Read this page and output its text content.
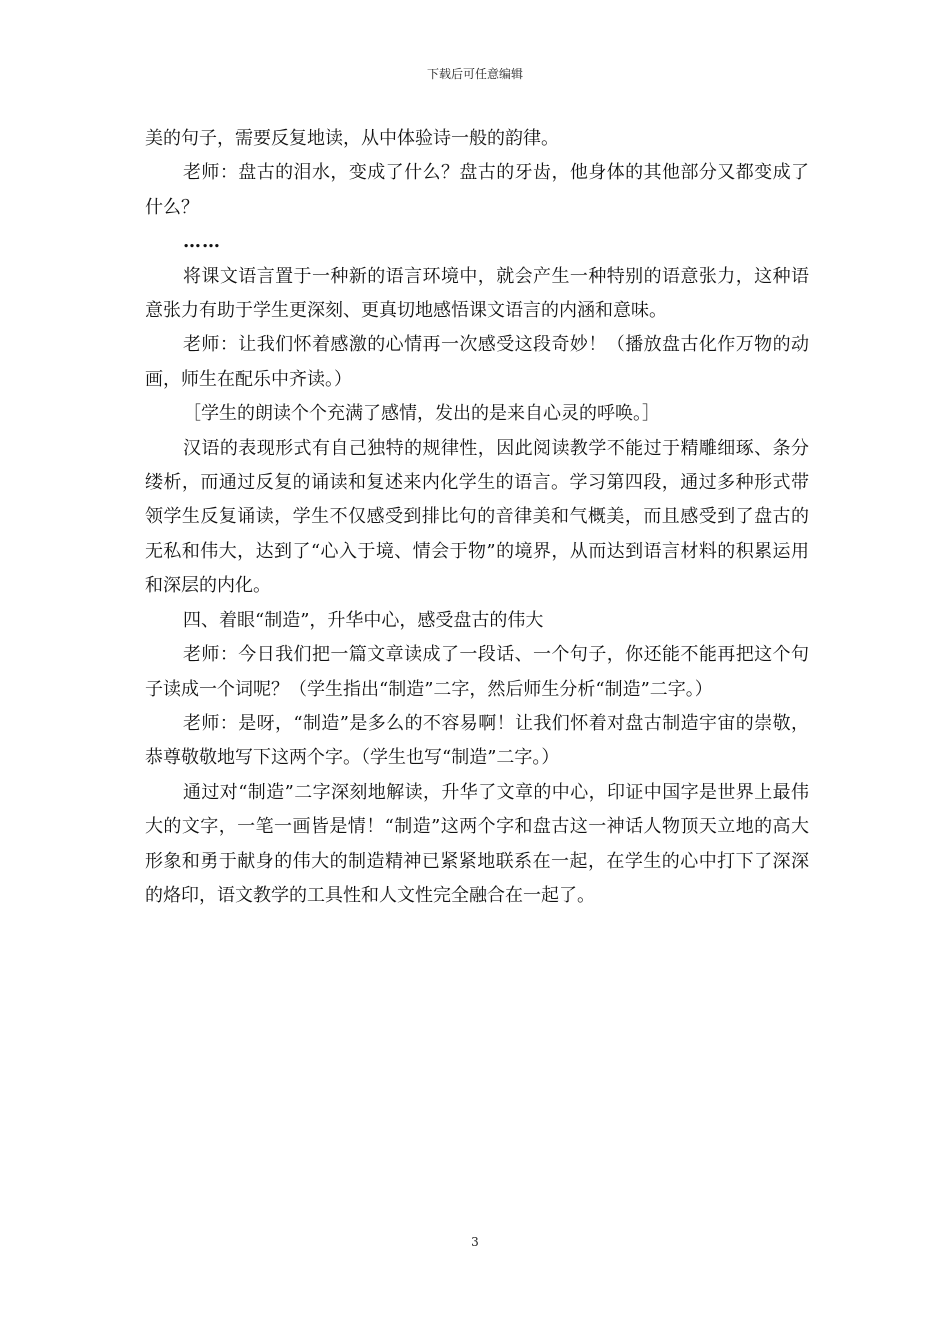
下载后可任意编辑

美的句子，需要反复地读，从中体验诗一般的韵律。

老师：盘古的泪水，变成了什么？盘古的牙齿，他身体的其他部分又都变成了什么？

……

将课文语言置于一种新的语言环境中，就会产生一种特别的语意张力，这种语意张力有助于学生更深刻、更真切地感悟课文语言的内涵和意味。

老师：让我们怀着感激的心情再一次感受这段奇妙！（播放盘古化作万物的动画，师生在配乐中齐读。）

［学生的朗读个个充满了感情，发出的是来自心灵的呼唤。］

汉语的表现形式有自己独特的规律性，因此阅读教学不能过于精雕细琢、条分缕析，而通过反复的诵读和复述来内化学生的语言。学习第四段，通过多种形式带领学生反复诵读，学生不仅感受到排比句的音律美和气概美，而且感受到了盘古的无私和伟大，达到了“心入于境、情会于物”的境界，从而达到语言材料的积累运用和深层的内化。

四、着眼“制造”，升华中心，感受盘古的伟大

老师：今日我们把一篇文章读成了一段话、一个句子，你还能不能再把这个句子读成一个词呢？（学生指出“制造”二字，然后师生分析“制造”二字。）

老师：是呀，“制造”是多么的不容易啊！让我们怀着对盘古制造宇宙的崇敬，恭尊敬敬地写下这两个字。（学生也写“制造”二字。）

通过对“制造”二字深刻地解读，升华了文章的中心，印证中国字是世界上最伟大的文字，一笔一画皆是情！“制造”这两个字和盘古这一神话人物顶天立地的高大形象和勇于献身的伟大的制造精神已紧紧地联系在一起，在学生的心中打下了深深的烙印，语文教学的工具性和人文性完全融合在一起了。

3
